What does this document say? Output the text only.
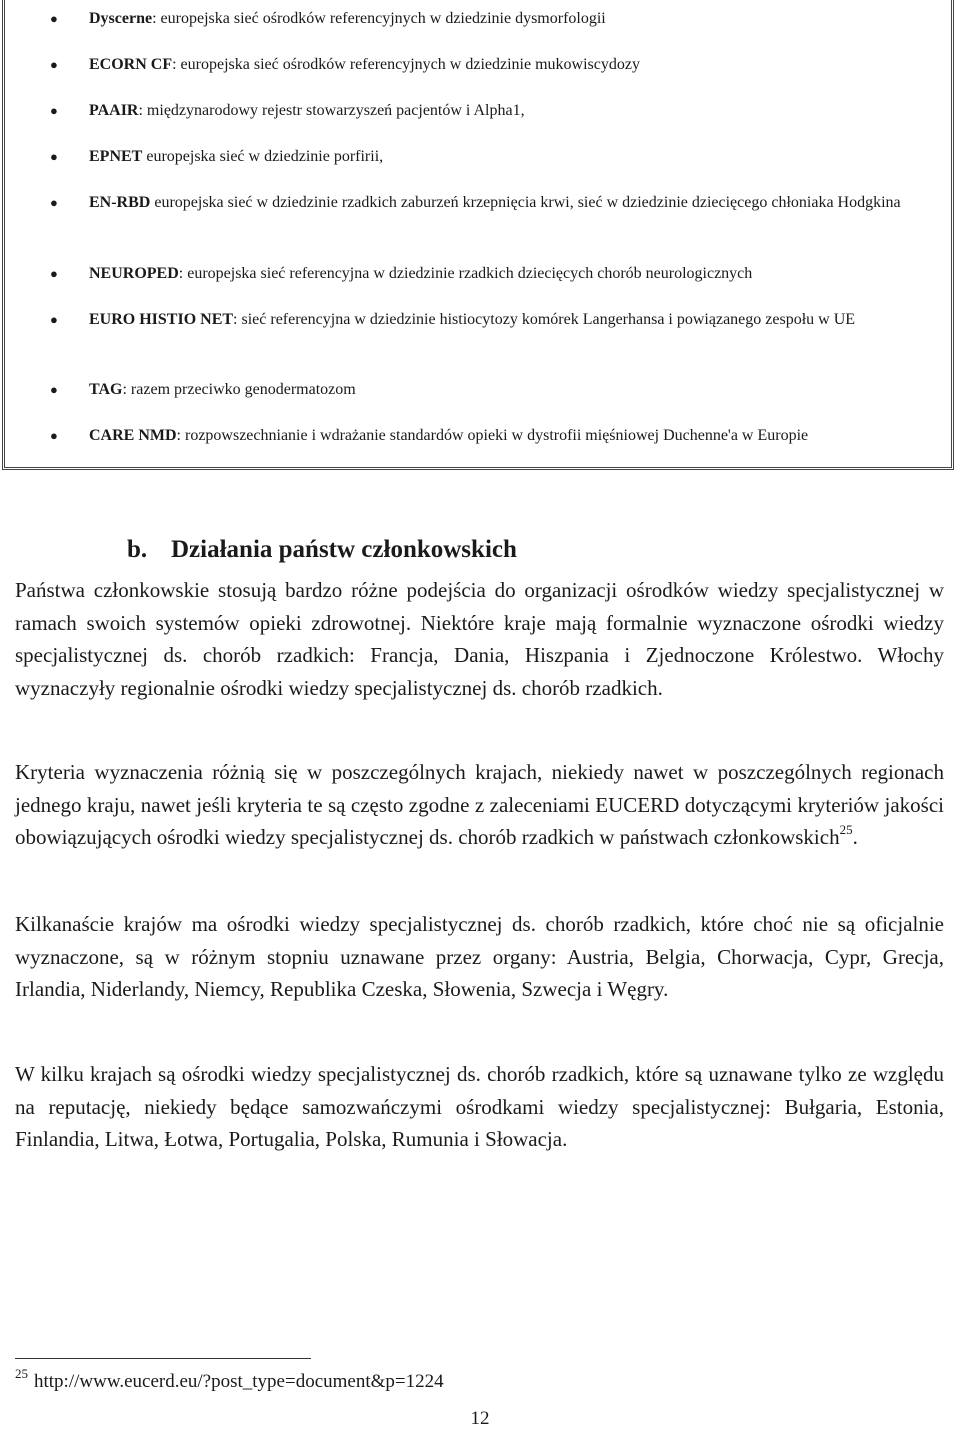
● Dyscerne: europejska sieć ośrodków referencyjnych w dziedzinie dysmorfologii
● ECORN CF: europejska sieć ośrodków referencyjnych w dziedzinie mukowiscydozy
● PAAIR: międzynarodowy rejestr stowarzyszeń pacjentów i Alpha1,
● EPNET europejska sieć w dziedzinie porfirii,
● EN-RBD europejska sieć w dziedzinie rzadkich zaburzeń krzepnięcia krwi, sieć w dziedzinie dziecięcego chłoniaka Hodgkina
● NEUROPED: europejska sieć referencyjna w dziedzinie rzadkich dziecięcych chorób neurologicznych
● EURO HISTIO NET: sieć referencyjna w dziedzinie histiocytozy komórek Langerhansa i powiązanego zespołu w UE
● TAG: razem przeciwko genodermatozom
● CARE NMD: rozpowszechnianie i wdrażanie standardów opieki w dystrofii mięśniowej Duchenne'a w Europie
b. Działania państw członkowskich

Państwa członkowskie stosują bardzo różne podejścia do organizacji ośrodków wiedzy specjalistycznej w ramach swoich systemów opieki zdrowotnej. Niektóre kraje mają formalnie wyznaczone ośrodki wiedzy specjalistycznej ds. chorób rzadkich: Francja, Dania, Hiszpania i Zjednoczone Królestwo. Włochy wyznaczyły regionalnie ośrodki wiedzy specjalistycznej ds. chorób rzadkich.

Kryteria wyznaczenia różnią się w poszczególnych krajach, niekiedy nawet w poszczególnych regionach jednego kraju, nawet jeśli kryteria te są często zgodne z zaleceniami EUCERD dotyczącymi kryteriów jakości obowiązujących ośrodki wiedzy specjalistycznej ds. chorób rzadkich w państwach członkowskich$^{25}$.

Kilkanaście krajów ma ośrodki wiedzy specjalistycznej ds. chorób rzadkich, które choć nie są oficjalnie wyznaczone, są w różnym stopniu uznawane przez organy: Austria, Belgia, Chorwacja, Cypr, Grecja, Irlandia, Niderlandy, Niemcy, Republika Czeska, Słowenia, Szwecja i Węgry.

W kilku krajach są ośrodki wiedzy specjalistycznej ds. chorób rzadkich, które są uznawane tylko ze względu na reputację, niekiedy będące samozwańczymi ośrodkami wiedzy specjalistycznej: Bułgaria, Estonia, Finlandia, Litwa, Łotwa, Portugalia, Polska, Rumunia i Słowacja.

$^{25}$ http://www.eucerd.eu/?post_type=document&p=1224
12
